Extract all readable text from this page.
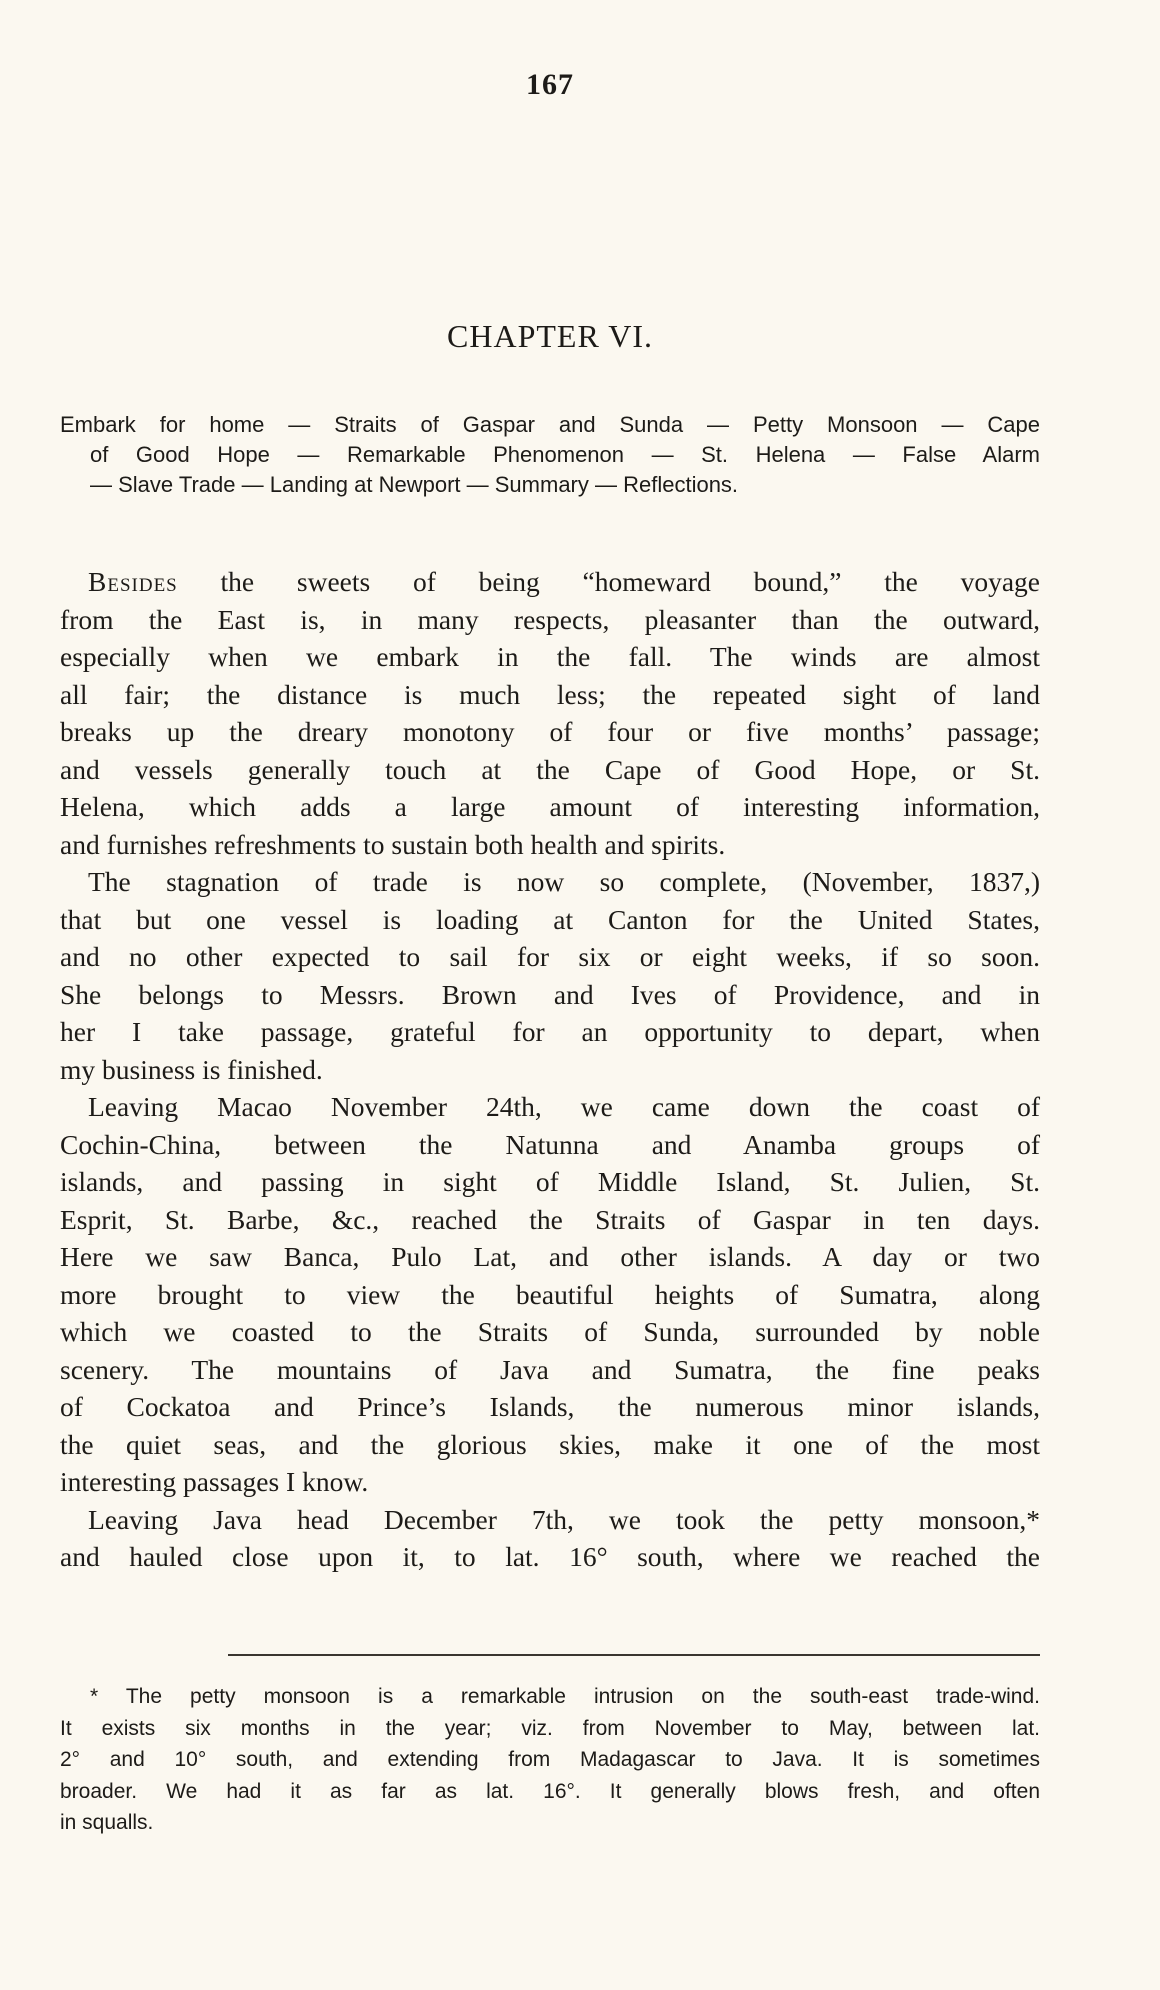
167
CHAPTER VI.
Embark for home — Straits of Gaspar and Sunda — Petty Monsoon — Cape
of Good Hope — Remarkable Phenomenon — St. Helena — False Alarm
— Slave Trade — Landing at Newport — Summary — Reflections.
Besides the sweets of being “homeward bound,” the voyage
from the East is, in many respects, pleasanter than the outward,
especially when we embark in the fall. The winds are almost
all fair; the distance is much less; the repeated sight of land
breaks up the dreary monotony of four or five months’ passage;
and vessels generally touch at the Cape of Good Hope, or St.
Helena, which adds a large amount of interesting information,
and furnishes refreshments to sustain both health and spirits.
The stagnation of trade is now so complete, (November, 1837,)
that but one vessel is loading at Canton for the United States,
and no other expected to sail for six or eight weeks, if so soon.
She belongs to Messrs. Brown and Ives of Providence, and in
her I take passage, grateful for an opportunity to depart, when
my business is finished.
Leaving Macao November 24th, we came down the coast of
Cochin-China, between the Natunna and Anamba groups of
islands, and passing in sight of Middle Island, St. Julien, St.
Esprit, St. Barbe, &c., reached the Straits of Gaspar in ten days.
Here we saw Banca, Pulo Lat, and other islands. A day or two
more brought to view the beautiful heights of Sumatra, along
which we coasted to the Straits of Sunda, surrounded by noble
scenery. The mountains of Java and Sumatra, the fine peaks
of Cockatoa and Prince’s Islands, the numerous minor islands,
the quiet seas, and the glorious skies, make it one of the most
interesting passages I know.
Leaving Java head December 7th, we took the petty monsoon,*
and hauled close upon it, to lat. 16° south, where we reached the
* The petty monsoon is a remarkable intrusion on the south-east trade-wind.
It exists six months in the year; viz. from November to May, between lat.
2° and 10° south, and extending from Madagascar to Java. It is sometimes
broader. We had it as far as lat. 16°. It generally blows fresh, and often
in squalls.
